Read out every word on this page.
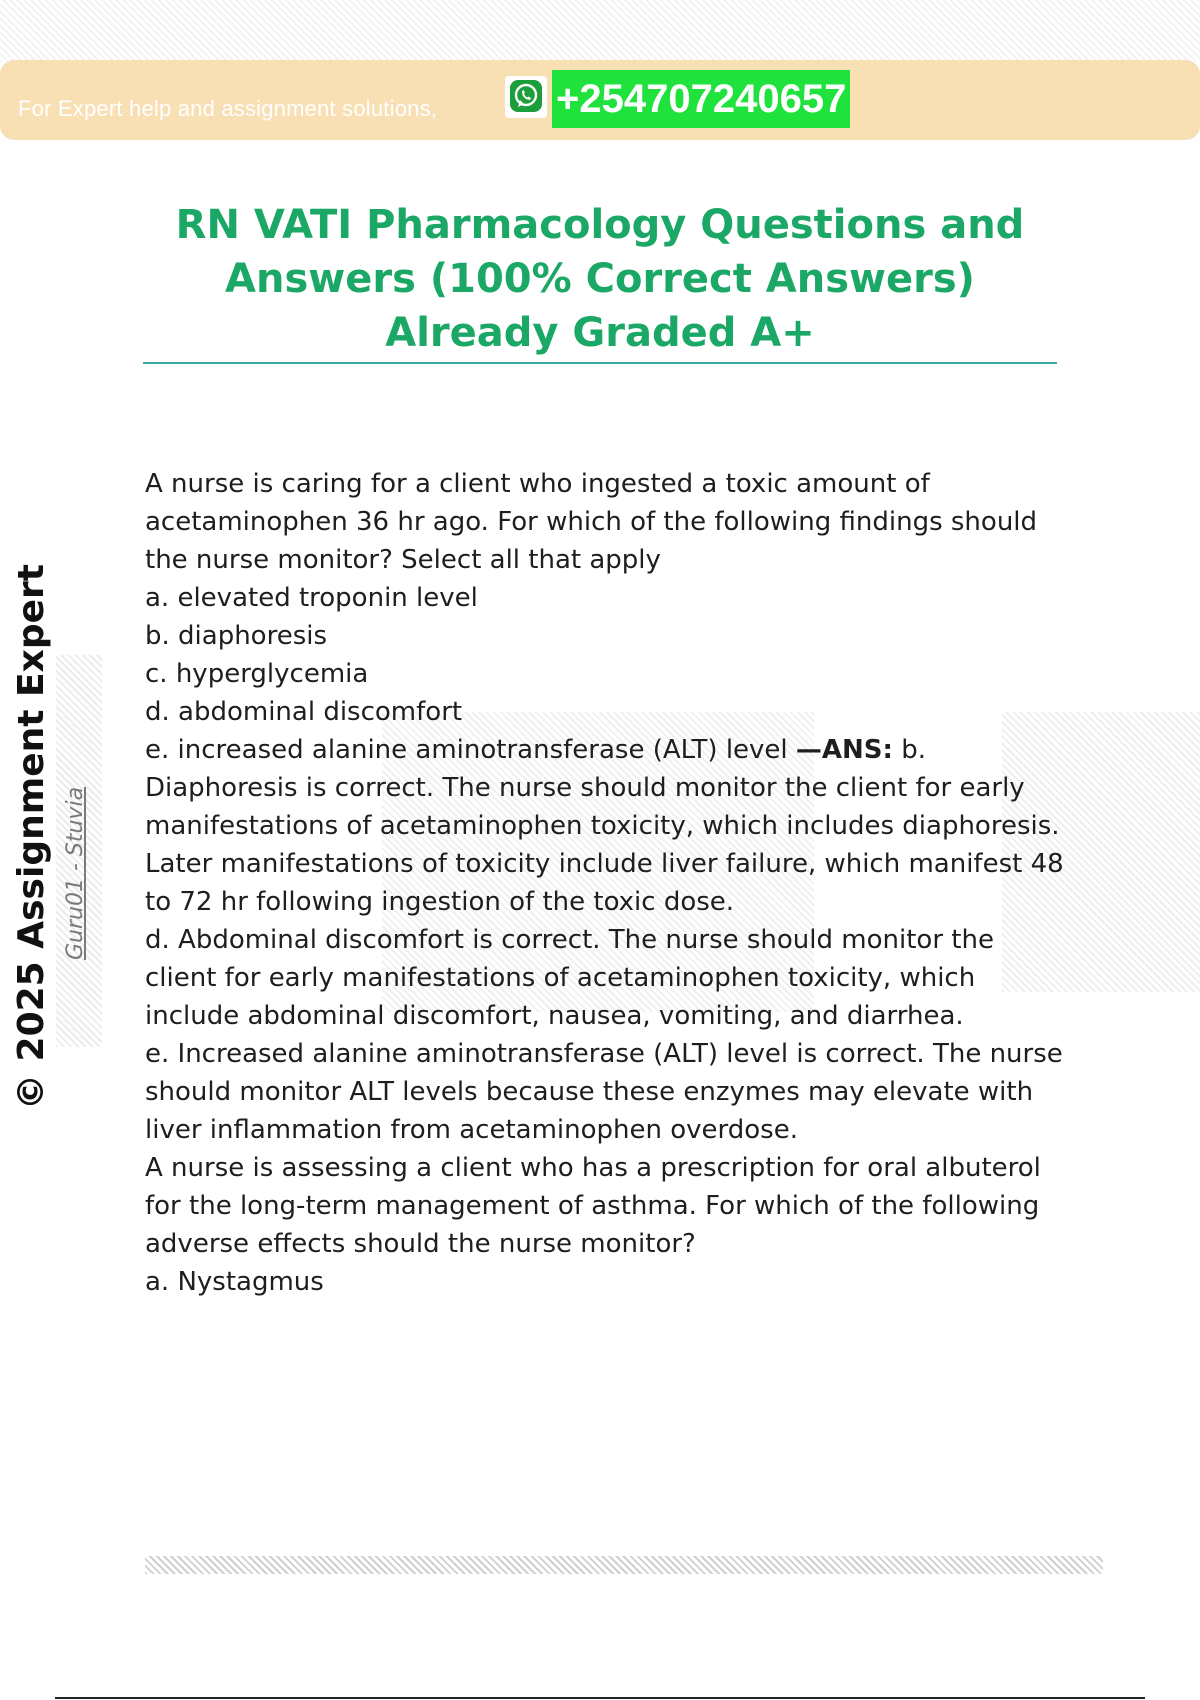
For Expert help and assignment solutions,	+254707240657
RN VATI Pharmacology Questions and Answers (100% Correct Answers) Already Graded A+
© 2025 Assignment Expert Guru01 - Stuvia

A nurse is caring for a client who ingested a toxic amount of acetaminophen 36 hr ago. For which of the following findings should the nurse monitor? Select all that apply

a. elevated troponin level

b. diaphoresis

c. hyperglycemia

d. abdominal discomfort

e. increased alanine aminotransferase (ALT) level —ANS: b. Diaphoresis is correct. The nurse should monitor the client for early manifestations of acetaminophen toxicity, which includes diaphoresis. Later manifestations of toxicity include liver failure, which manifest 48 to 72 hr following ingestion of the toxic dose.

d. Abdominal discomfort is correct. The nurse should monitor the client for early manifestations of acetaminophen toxicity, which include abdominal discomfort, nausea, vomiting, and diarrhea.

e. Increased alanine aminotransferase (ALT) level is correct. The nurse should monitor ALT levels because these enzymes may elevate with liver inflammation from acetaminophen overdose.

A nurse is assessing a client who has a prescription for oral albuterol for the long-term management of asthma. For which of the following adverse effects should the nurse monitor?

a. Nystagmus
